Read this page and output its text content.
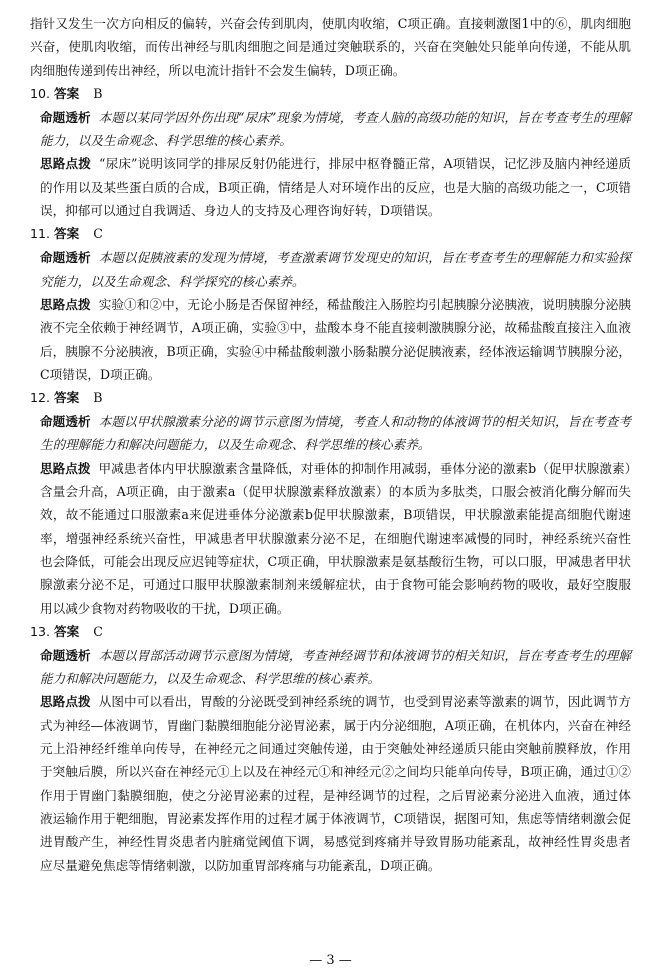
指针又发生一次方向相反的偏转，兴奋会传到肌肉，使肌肉收缩，C项正确。直接刺激图1中的⑥，肌肉细胞兴奋，使肌肉收缩，而传出神经与肌肉细胞之间是通过突触联系的，兴奋在突触处只能单向传递，不能从肌肉细胞传递到传出神经，所以电流计指针不会发生偏转，D项正确。

10. 答案 B

命题透析 本题以某同学因外伤出现“尿床”现象为情境，考查人脑的高级功能的知识，旨在考查考生的理解能力，以及生命观念、科学思维的核心素养。

思路点拨 “尿床”说明该同学的排尿反射仍能进行，排尿中枢脊髓正常，A项错误，记忆涉及脑内神经递质的作用以及某些蛋白质的合成，B项正确，情绪是人对环境作出的反应，也是大脑的高级功能之一，C项错误，抑郁可以通过自我调适、身边人的支持及心理咨询好转，D项错误。

11. 答案 C

命题透析 本题以促胰液素的发现为情境，考查激素调节发现史的知识，旨在考查考生的理解能力和实验探究能力，以及生命观念、科学探究的核心素养。

思路点拨 实验①和②中，无论小肠是否保留神经，稀盐酸注入肠腔均引起胰腺分泌胰液，说明胰腺分泌胰液不完全依赖于神经调节，A项正确，实验③中，盐酸本身不能直接刺激胰腺分泌，故稀盐酸直接注入血液后，胰腺不分泌胰液，B项正确，实验④中稀盐酸刺激小肠黏膜分泌促胰液素，经体液运输调节胰腺分泌，C项错误，D项正确。

12. 答案 B

命题透析 本题以甲状腺激素分泌的调节示意图为情境，考查人和动物的体液调节的相关知识，旨在考查考生的理解能力和解决问题能力，以及生命观念、科学思维的核心素养。

思路点拨 甲减患者体内甲状腺激素含量降低，对垂体的抑制作用减弱，垂体分泌的激素b（促甲状腺激素）含量会升高，A项正确，由于激素a（促甲状腺激素释放激素）的本质为多肽类，口服会被消化酶分解而失效，故不能通过口服激素a来促进垂体分泌激素b促甲状腺激素，B项错误，甲状腺激素能提高细胞代谢速率，增强神经系统兴奋性，甲减患者甲状腺激素分泌不足，在细胞代谢速率减慢的同时，神经系统兴奋性也会降低，可能会出现反应迟钝等症状，C项正确，甲状腺激素是氨基酸衍生物，可以口服，甲减患者甲状腺激素分泌不足，可通过口服甲状腺激素制剂来缓解症状，由于食物可能会影响药物的吸收，最好空腹服用以减少食物对药物吸收的干扰，D项正确。

13. 答案 C

命题透析 本题以胃部活动调节示意图为情境，考查神经调节和体液调节的相关知识，旨在考查考生的理解能力和解决问题能力，以及生命观念、科学思维的核心素养。

思路点拨 从图中可以看出，胃酸的分泌既受到神经系统的调节，也受到胃泌素等激素的调节，因此调节方式为神经—体液调节，胃幽门黏膜细胞能分泌胃泌素，属于内分泌细胞，A项正确，在机体内，兴奋在神经元上沿神经纤维单向传导，在神经元之间通过突触传递，由于突触处神经递质只能由突触前膜释放，作用于突触后膜，所以兴奋在神经元①上以及在神经元①和神经元②之间均只能单向传导，B项正确，通过①②作用于胃幽门黏膜细胞，使之分泌胃泌素的过程，是神经调节的过程，之后胃泌素分泌进入血液，通过体液运输作用于靶细胞，胃泌素发挥作用的过程才属于体液调节，C项错误，据图可知，焦虑等情绪刺激会促进胃酸产生，神经性胃炎患者内脏痛觉阈值下调，易感觉到疼痛并导致胃肠功能紊乱，故神经性胃炎患者应尽量避免焦虑等情绪刺激，以防加重胃部疼痛与功能紊乱，D项正确。

— 3 —
